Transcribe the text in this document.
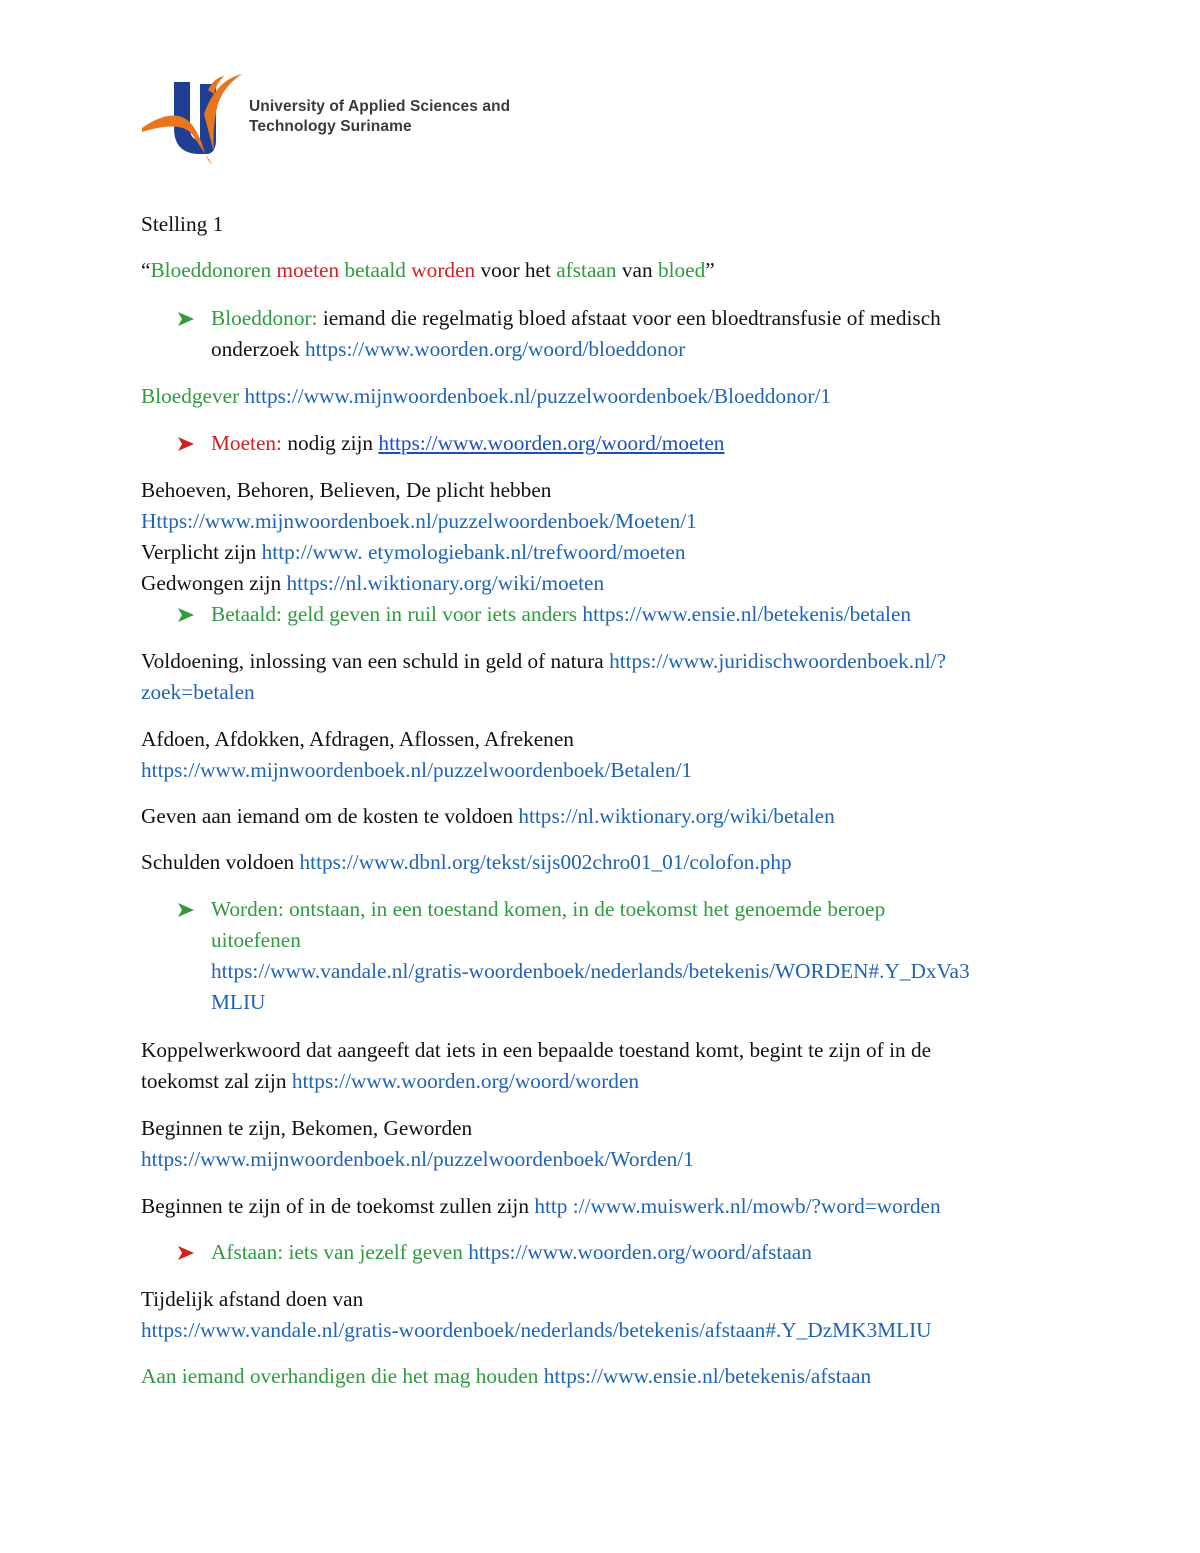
University of Applied Sciences and
Technology Suriname
Stelling 1
“Bloeddonoren moeten betaald worden voor het afstaan van bloed”
Bloeddonor: iemand die regelmatig bloed afstaat voor een bloedtransfusie of medisch
onderzoek https://www.woorden.org/woord/bloeddonor
Bloedgever https://www.mijnwoordenboek.nl/puzzelwoordenboek/Bloeddonor/1
Moeten: nodig zijn https://www.woorden.org/woord/moeten
Behoeven, Behoren, Believen, De plicht hebben
Https://www.mijnwoordenboek.nl/puzzelwoordenboek/Moeten/1
Verplicht zijn http://www. etymologiebank.nl/trefwoord/moeten
Gedwongen zijn https://nl.wiktionary.org/wiki/moeten
Betaald: geld geven in ruil voor iets anders https://www.ensie.nl/betekenis/betalen
Voldoening, inlossing van een schuld in geld of natura https://www.juridischwoordenboek.nl/?
zoek=betalen
Afdoen, Afdokken, Afdragen, Aflossen, Afrekenen
https://www.mijnwoordenboek.nl/puzzelwoordenboek/Betalen/1
Geven aan iemand om de kosten te voldoen https://nl.wiktionary.org/wiki/betalen
Schulden voldoen https://www.dbnl.org/tekst/sijs002chro01_01/colofon.php
Worden: ontstaan, in een toestand komen, in de toekomst het genoemde beroep
uitoefenen
https://www.vandale.nl/gratis-woordenboek/nederlands/betekenis/WORDEN#.Y_DxVa3
MLIU
Koppelwerkwoord dat aangeeft dat iets in een bepaalde toestand komt, begint te zijn of in de
toekomst zal zijn https://www.woorden.org/woord/worden
Beginnen te zijn, Bekomen, Geworden
https://www.mijnwoordenboek.nl/puzzelwoordenboek/Worden/1
Beginnen te zijn of in de toekomst zullen zijn http ://www.muiswerk.nl/mowb/?word=worden
Afstaan: iets van jezelf geven https://www.woorden.org/woord/afstaan
Tijdelijk afstand doen van
https://www.vandale.nl/gratis-woordenboek/nederlands/betekenis/afstaan#.Y_DzMK3MLIU
Aan iemand overhandigen die het mag houden https://www.ensie.nl/betekenis/afstaan
